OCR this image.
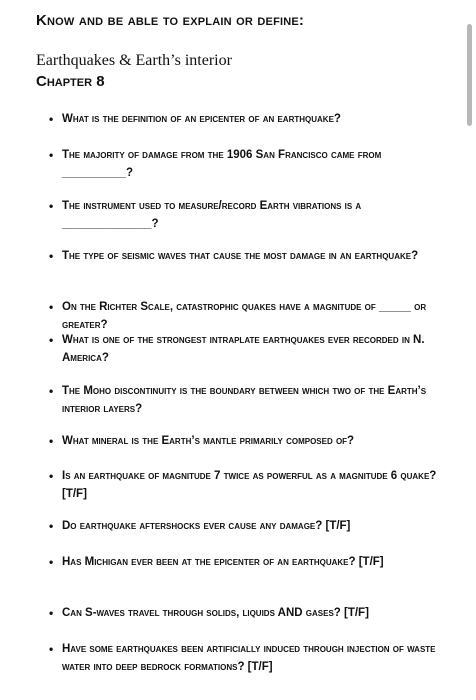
Know and be able to explain or define:
Earthquakes & Earth’s interior
Chapter 8
• What is the definition of an epicenter of an earthquake?
• The majority of damage from the 1906 San Francisco came from __________?
• The instrument used to measure/record Earth vibrations is a ______________?
• The type of seismic waves that cause the most damage in an earthquake?
• On the Richter Scale, catastrophic quakes have a magnitude of _____ or greater?
• What is one of the strongest intraplate earthquakes ever recorded in N. America?
• The Moho discontinuity is the boundary between which two of the Earth’s interior layers?
• What mineral is the Earth’s mantle primarily composed of?
• Is an earthquake of magnitude 7 twice as powerful as a magnitude 6 quake? [T/F]
• Do earthquake aftershocks ever cause any damage? [T/F]
• Has Michigan ever been at the epicenter of an earthquake? [T/F]
• Can S-waves travel through solids, liquids AND gases? [T/F]
• Have some earthquakes been artificially induced through injection of waste water into deep bedrock formations? [T/F]
